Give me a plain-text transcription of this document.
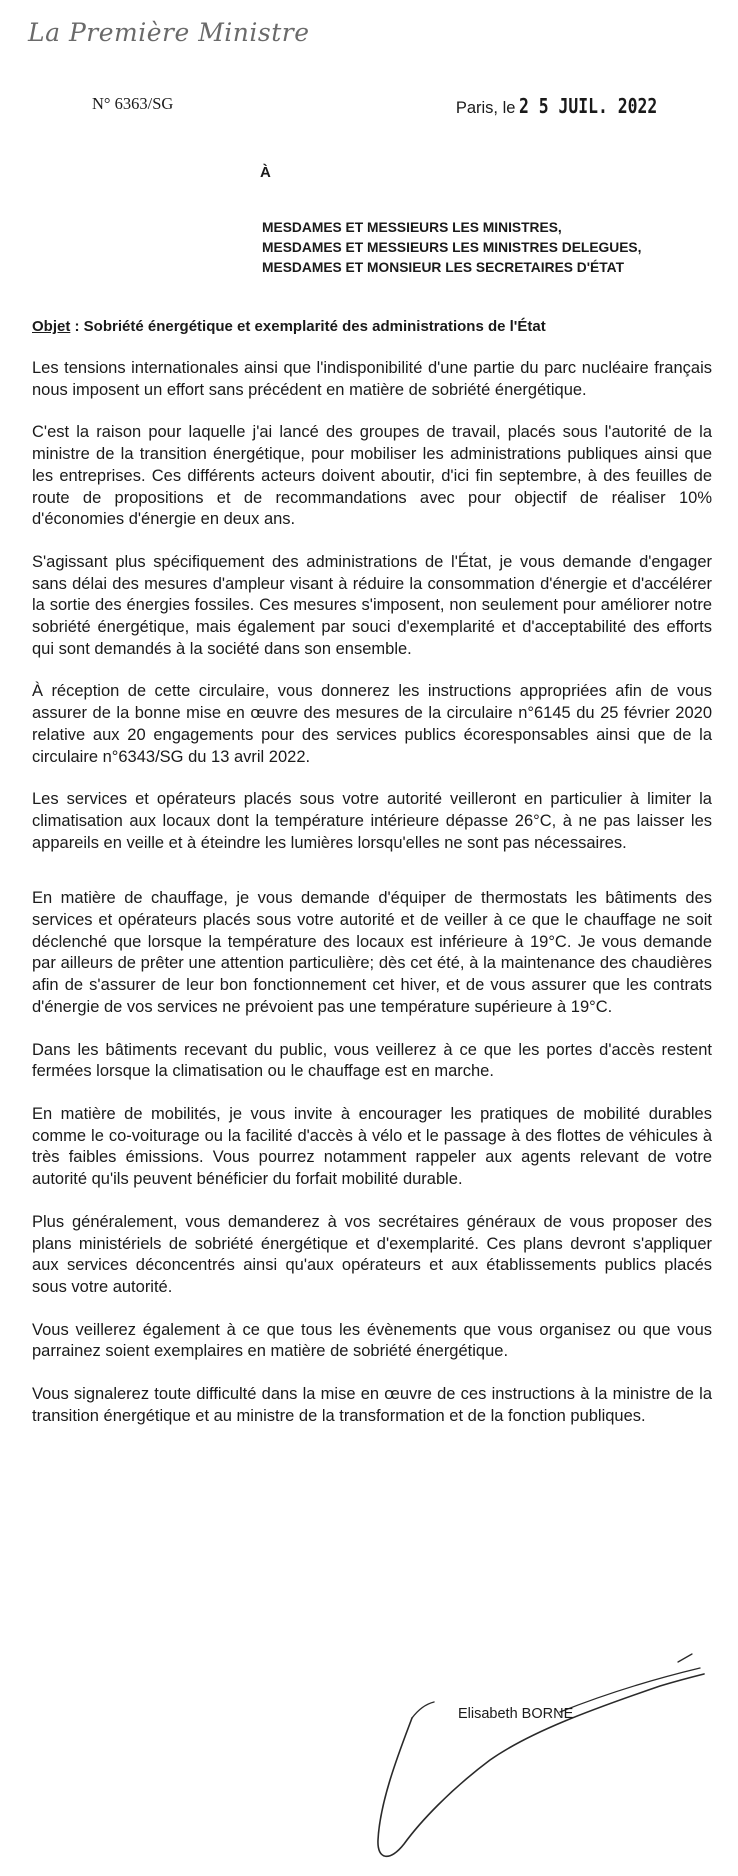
La Première Ministre
N° 6363/SG	Paris, le 2 5 JUIL. 2022
À
MESDAMES ET MESSIEURS LES MINISTRES,
MESDAMES ET MESSIEURS LES MINISTRES DELEGUES,
MESDAMES ET MONSIEUR LES SECRETAIRES D'ÉTAT
Objet : Sobriété énergétique et exemplarité des administrations de l'État

Les tensions internationales ainsi que l'indisponibilité d'une partie du parc nucléaire français nous imposent un effort sans précédent en matière de sobriété énergétique.

C'est la raison pour laquelle j'ai lancé des groupes de travail, placés sous l'autorité de la ministre de la transition énergétique, pour mobiliser les administrations publiques ainsi que les entreprises. Ces différents acteurs doivent aboutir, d'ici fin septembre, à des feuilles de route de propositions et de recommandations avec pour objectif de réaliser 10% d'économies d'énergie en deux ans.

S'agissant plus spécifiquement des administrations de l'État, je vous demande d'engager sans délai des mesures d'ampleur visant à réduire la consommation d'énergie et d'accélérer la sortie des énergies fossiles. Ces mesures s'imposent, non seulement pour améliorer notre sobriété énergétique, mais également par souci d'exemplarité et d'acceptabilité des efforts qui sont demandés à la société dans son ensemble.

À réception de cette circulaire, vous donnerez les instructions appropriées afin de vous assurer de la bonne mise en œuvre des mesures de la circulaire n°6145 du 25 février 2020 relative aux 20 engagements pour des services publics écoresponsables ainsi que de la circulaire n°6343/SG du 13 avril 2022.

Les services et opérateurs placés sous votre autorité veilleront en particulier à limiter la climatisation aux locaux dont la température intérieure dépasse 26°C, à ne pas laisser les appareils en veille et à éteindre les lumières lorsqu'elles ne sont pas nécessaires.

En matière de chauffage, je vous demande d'équiper de thermostats les bâtiments des services et opérateurs placés sous votre autorité et de veiller à ce que le chauffage ne soit déclenché que lorsque la température des locaux est inférieure à 19°C. Je vous demande par ailleurs de prêter une attention particulière; dès cet été, à la maintenance des chaudières afin de s'assurer de leur bon fonctionnement cet hiver, et de vous assurer que les contrats d'énergie de vos services ne prévoient pas une température supérieure à 19°C.

Dans les bâtiments recevant du public, vous veillerez à ce que les portes d'accès restent fermées lorsque la climatisation ou le chauffage est en marche.

En matière de mobilités, je vous invite à encourager les pratiques de mobilité durables comme le co-voiturage ou la facilité d'accès à vélo et le passage à des flottes de véhicules à très faibles émissions. Vous pourrez notamment rappeler aux agents relevant de votre autorité qu'ils peuvent bénéficier du forfait mobilité durable.

Plus généralement, vous demanderez à vos secrétaires généraux de vous proposer des plans ministériels de sobriété énergétique et d'exemplarité. Ces plans devront s'appliquer aux services déconcentrés ainsi qu'aux opérateurs et aux établissements publics placés sous votre autorité.

Vous veillerez également à ce que tous les évènements que vous organisez ou que vous parrainez soient exemplaires en matière de sobriété énergétique.

Vous signalerez toute difficulté dans la mise en œuvre de ces instructions à la ministre de la transition énergétique et au ministre de la transformation et de la fonction publiques.

Elisabeth BORNE
